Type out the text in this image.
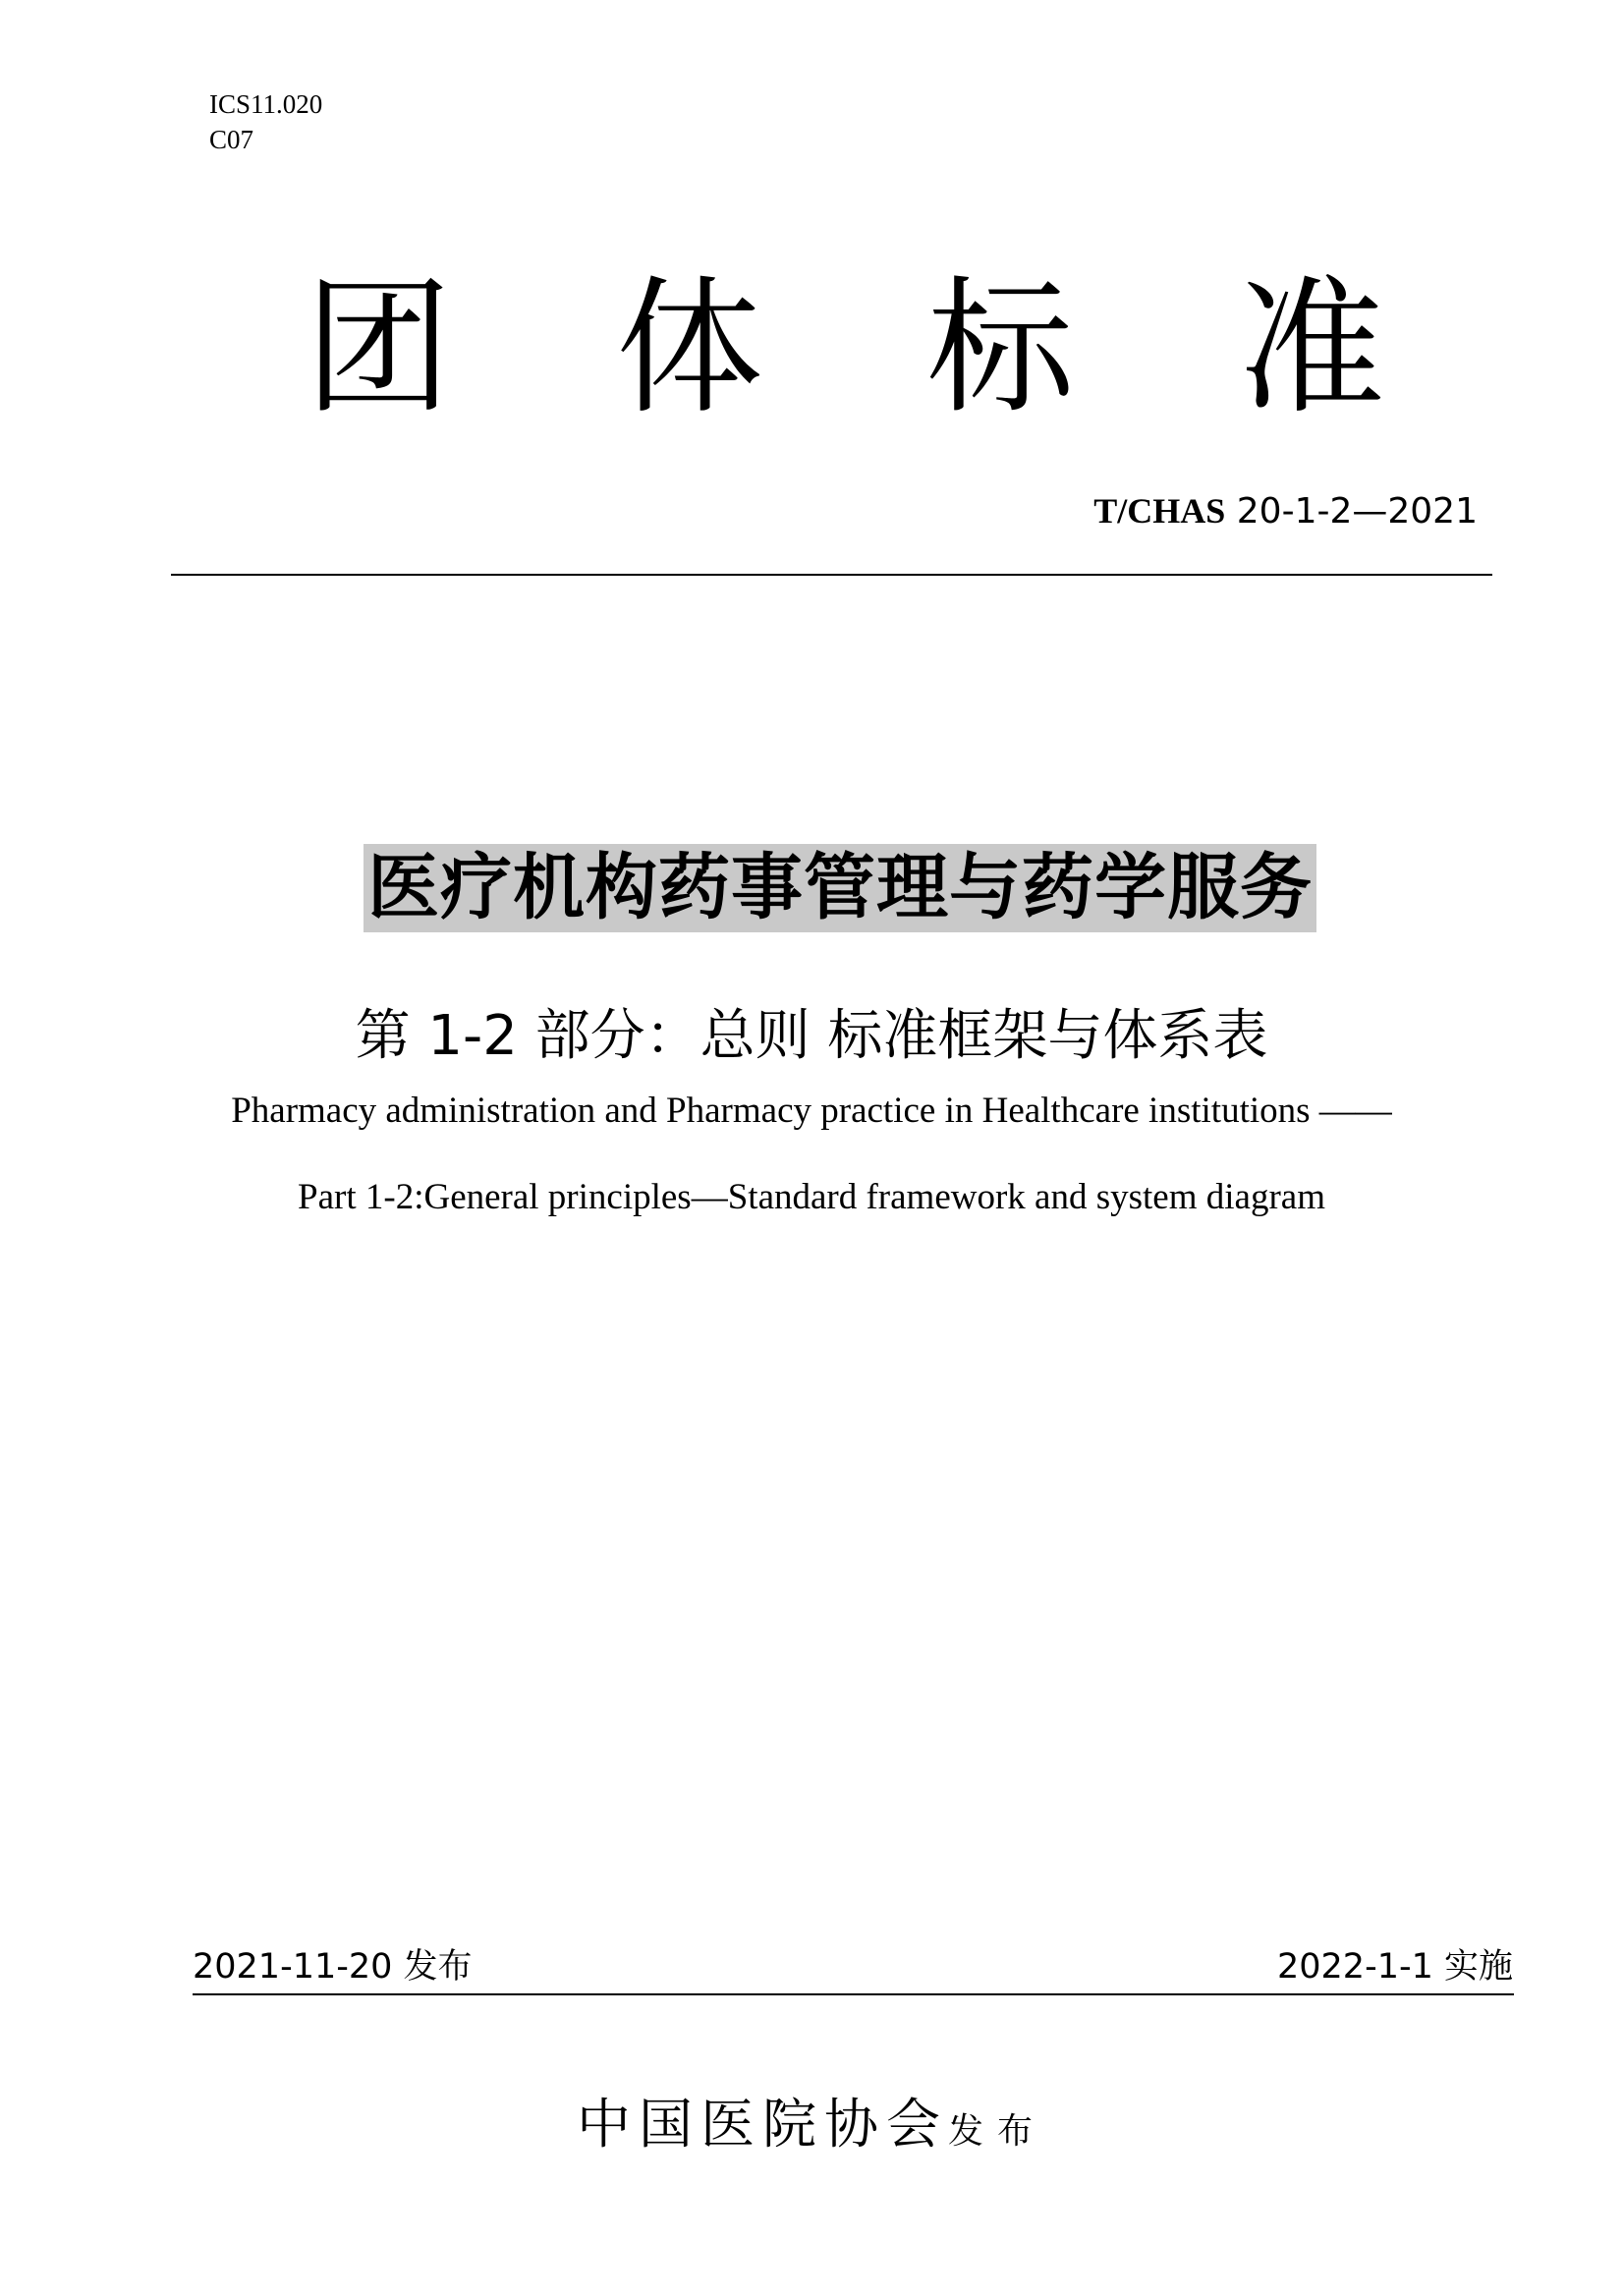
ICS11.020
C07
团 体 标 准
T/CHAS 20-1-2—2021
医疗机构药事管理与药学服务
第 1-2 部分：总则 标准框架与体系表
Pharmacy administration and Pharmacy practice in Healthcare institutions ——
Part 1-2:General principles—Standard framework and system diagram
2021-11-20 发布	2022-1-1 实施
中国医院协会发布
